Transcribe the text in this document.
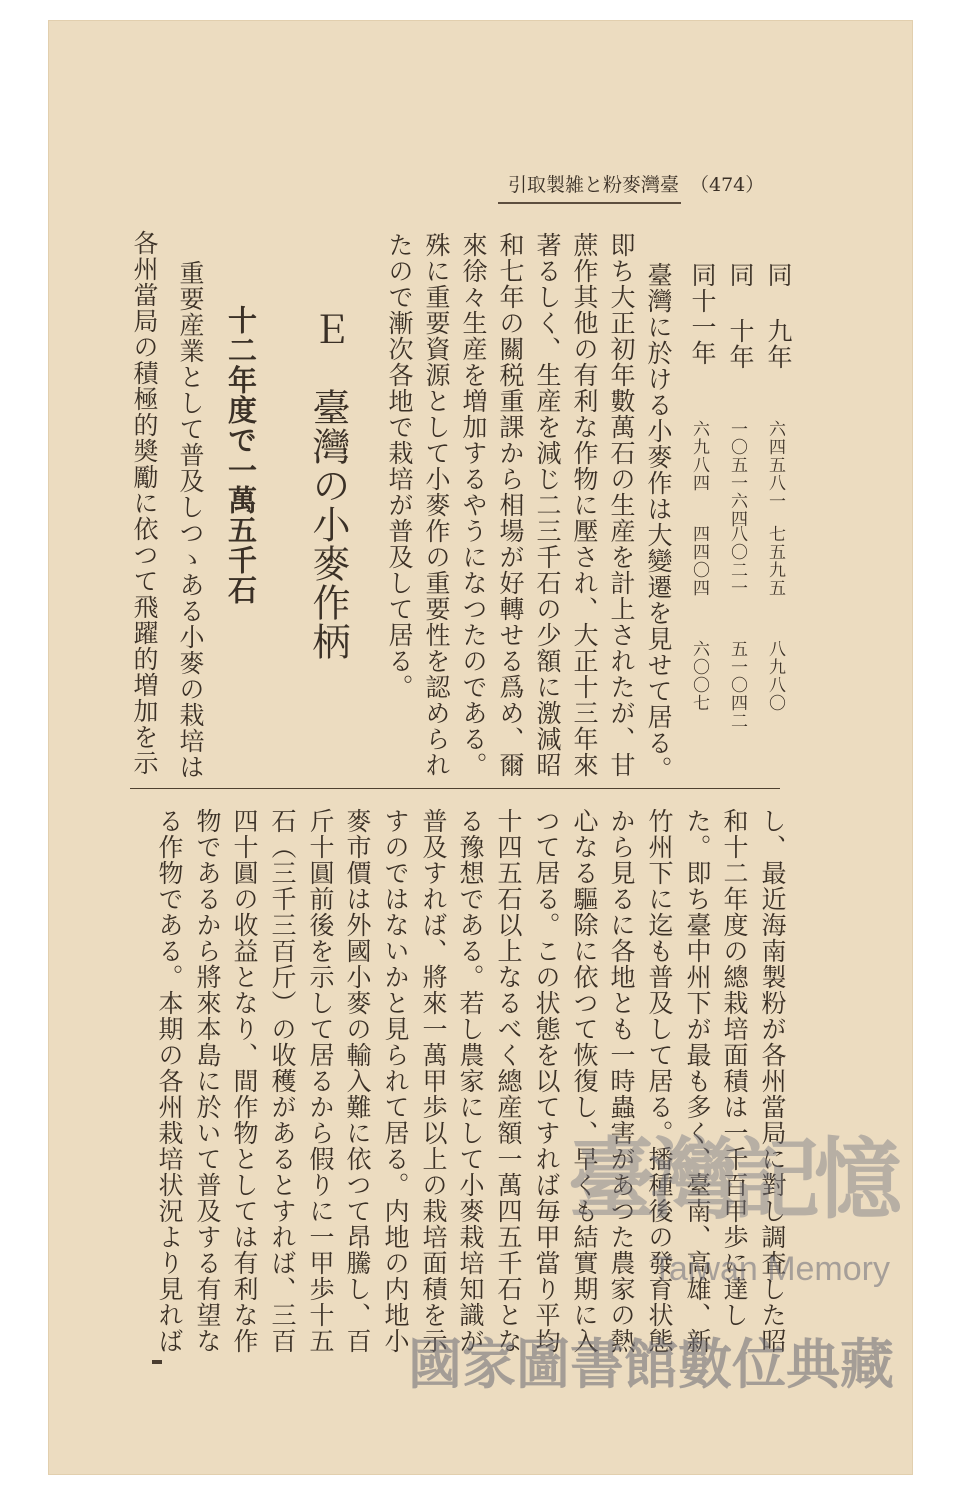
引取製雑と粉麥灣臺 （474）

同 九年
六四五八一
七五九五
八九八〇
同 十年
一〇五一六四
八〇二一
五一〇四二
同十一年
六九八四
四四〇四
六〇〇七
臺灣に於ける小麥作は大變遷を見せて居る。
即ち大正初年數萬石の生産を計上されたが、甘
蔗作其他の有利な作物に壓され、大正十三年來
著るしく、生産を減じ二三千石の少額に激減昭
和七年の關税重課から相場が好轉せる爲め、爾
來徐々生産を増加するやうになつたのである。
殊に重要資源として小麥作の重要性を認められ
たので漸次各地で栽培が普及して居る。
Ｅ　臺灣の小麥作柄
十二年度で一萬五千石
重要産業として普及しつゝある小麥の栽培は
各州當局の積極的奬勵に依つて飛躍的増加を示
し、最近海南製粉が各州當局に對し調査した昭
和十二年度の總栽培面積は一千百甲歩に達し
た。即ち臺中州下が最も多く、臺南、高雄、新
竹州下に迄も普及して居る。播種後の發育状態
から見るに各地とも一時蟲害があつた農家の熱
心なる驅除に依つて恢復し、早くも結實期に入
つて居る。この状態を以てすれば毎甲當り平均
十四五石以上なるべく總産額一萬四五千石とな
る豫想である。若し農家にして小麥栽培知識が
普及すれば、將來一萬甲歩以上の栽培面積を示
すのではないかと見られて居る。内地の内地小
麥市價は外國小麥の輸入難に依つて昂騰し、百
斤十圓前後を示して居るから假りに一甲歩十五
石（三千三百斤）の收穫があるとすれば、三百
四十圓の收益となり、間作物としては有利な作
物であるから將來本島に於いて普及する有望な
る作物である。本期の各州栽培状況より見れば	臺灣記憶
Taiwan Memory
國家圖書館數位典藏
